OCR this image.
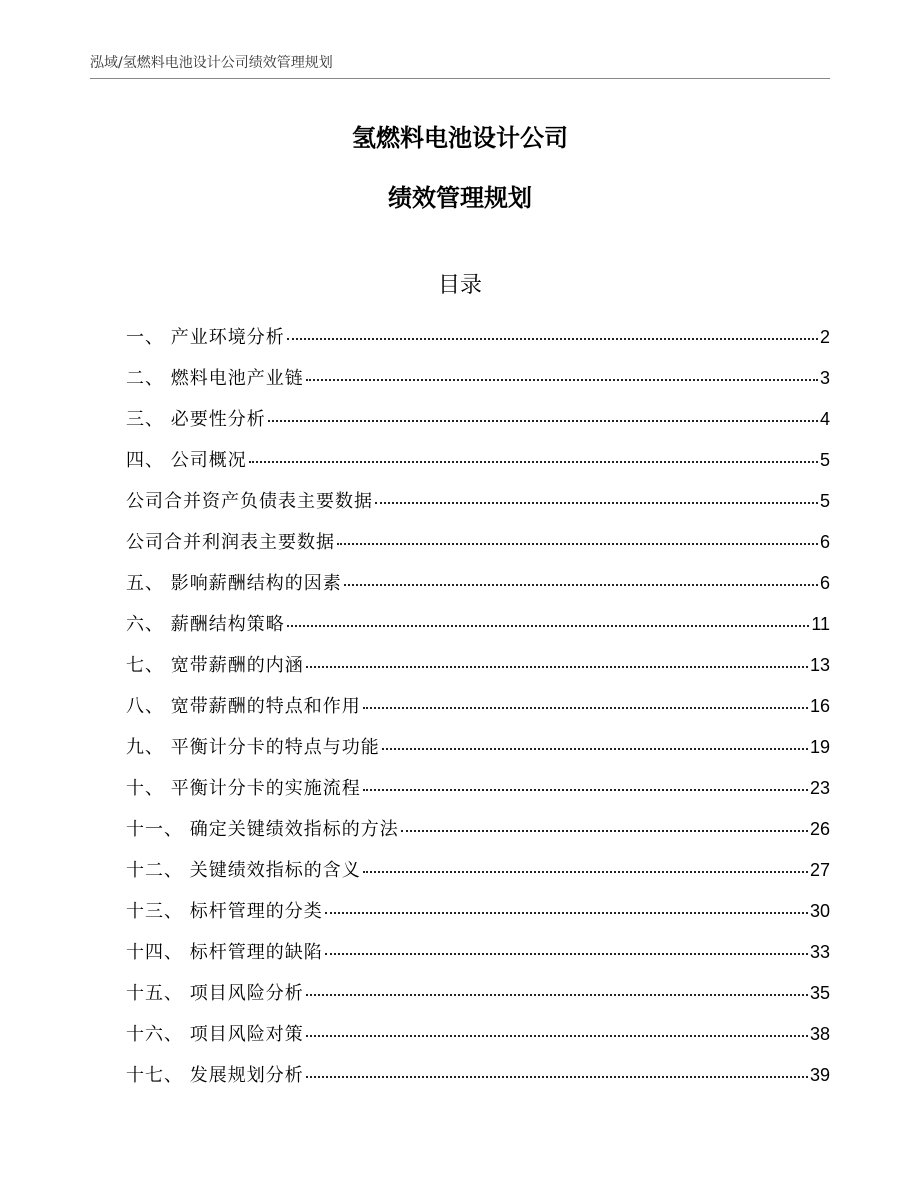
泓域/氢燃料电池设计公司绩效管理规划
氢燃料电池设计公司
绩效管理规划
目录
一、 产业环境分析	2
二、 燃料电池产业链	3
三、 必要性分析	4
四、 公司概况	5
公司合并资产负债表主要数据	5
公司合并利润表主要数据	6
五、 影响薪酬结构的因素	6
六、 薪酬结构策略	11
七、 宽带薪酬的内涵	13
八、 宽带薪酬的特点和作用	16
九、 平衡计分卡的特点与功能	19
十、 平衡计分卡的实施流程	23
十一、 确定关键绩效指标的方法	26
十二、 关键绩效指标的含义	27
十三、 标杆管理的分类	30
十四、 标杆管理的缺陷	33
十五、 项目风险分析	35
十六、 项目风险对策	38
十七、 发展规划分析	39
